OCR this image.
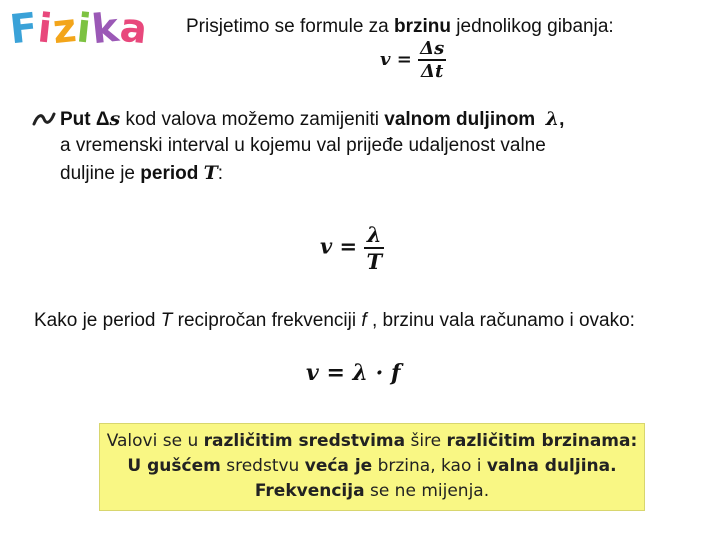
Fizika Prisjetimo se formule za brzinu jednolikog gibanja:
$v = \frac{\Delta s}{\Delta t}$
Put Δs kod valova možemo zamijeniti valnom duljinom λ,
a vremenski interval u kojemu val prijeđe udaljenost valne
duljine je period T:
$v = \frac{\lambda}{T}$
Kako je period T recipročan frekvenciji f , brzinu vala računamo i ovako:
v = λ · f
Valovi se u različitim sredstvima šire različitim brzinama:
U gušćem sredstvu veća je brzina, kao i valna duljina.
Frekvencija se ne mijenja.
